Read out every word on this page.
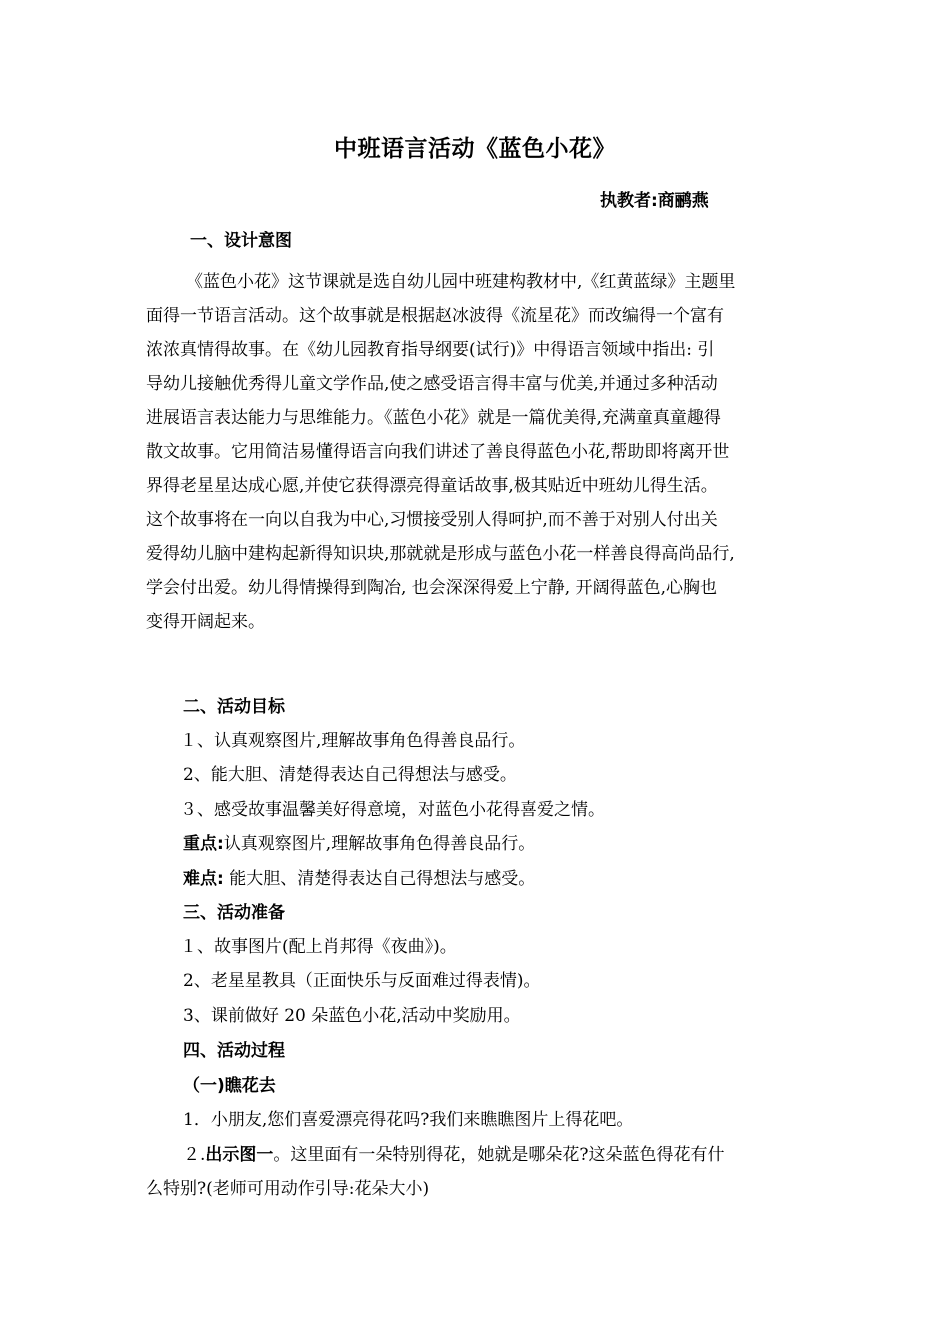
中班语言活动《蓝色小花》
执教者:商鹂燕
一、设计意图
《蓝色小花》这节课就是选自幼儿园中班建构教材中,《红黄蓝绿》主题里
面得一节语言活动。这个故事就是根据赵冰波得《流星花》而改编得一个富有
浓浓真情得故事。在《幼儿园教育指导纲要(试行)》中得语言领域中指出: 引
导幼儿接触优秀得儿童文学作品,使之感受语言得丰富与优美,并通过多种活动
进展语言表达能力与思维能力。《蓝色小花》就是一篇优美得,充满童真童趣得
散文故事。它用简洁易懂得语言向我们讲述了善良得蓝色小花,帮助即将离开世
界得老星星达成心愿,并使它获得漂亮得童话故事,极其贴近中班幼儿得生活。
这个故事将在一向以自我为中心,习惯接受别人得呵护,而不善于对别人付出关
爱得幼儿脑中建构起新得知识块,那就就是形成与蓝色小花一样善良得高尚品行,
学会付出爱。幼儿得情操得到陶冶, 也会深深得爱上宁静, 开阔得蓝色,心胸也
变得开阔起来。
二、活动目标
１、认真观察图片,理解故事角色得善良品行。
2、能大胆、清楚得表达自己得想法与感受。
３、感受故事温馨美好得意境，对蓝色小花得喜爱之情。
重点:认真观察图片,理解故事角色得善良品行。
难点: 能大胆、清楚得表达自己得想法与感受。
三、活动准备
１、故事图片(配上肖邦得《夜曲》)。
2、老星星教具（正面快乐与反面难过得表情)。
3、课前做好 20 朵蓝色小花,活动中奖励用。
四、活动过程
（一)瞧花去
1．小朋友,您们喜爱漂亮得花吗?我们来瞧瞧图片上得花吧。
２.出示图一。这里面有一朵特别得花，她就是哪朵花?这朵蓝色得花有什
么特别?(老师可用动作引导:花朵大小)
